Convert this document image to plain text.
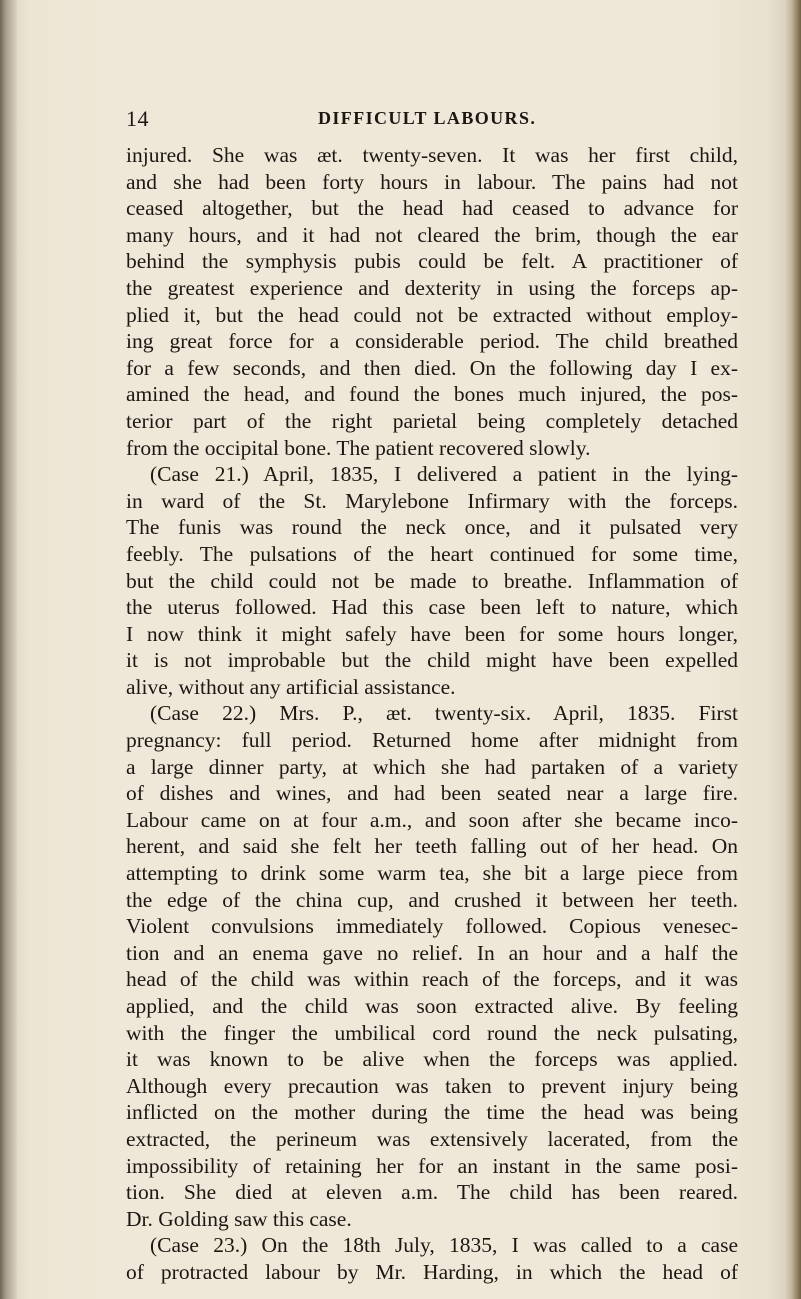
14	DIFFICULT LABOURS.
injured. She was æt. twenty-seven. It was her first child,
and she had been forty hours in labour. The pains had not
ceased altogether, but the head had ceased to advance for
many hours, and it had not cleared the brim, though the ear
behind the symphysis pubis could be felt. A practitioner of
the greatest experience and dexterity in using the forceps ap-
plied it, but the head could not be extracted without employ-
ing great force for a considerable period. The child breathed
for a few seconds, and then died. On the following day I ex-
amined the head, and found the bones much injured, the pos-
terior part of the right parietal being completely detached
from the occipital bone. The patient recovered slowly.
(Case 21.) April, 1835, I delivered a patient in the lying-
in ward of the St. Marylebone Infirmary with the forceps.
The funis was round the neck once, and it pulsated very
feebly. The pulsations of the heart continued for some time,
but the child could not be made to breathe. Inflammation of
the uterus followed. Had this case been left to nature, which
I now think it might safely have been for some hours longer,
it is not improbable but the child might have been expelled
alive, without any artificial assistance.
(Case 22.) Mrs. P., æt. twenty-six. April, 1835. First
pregnancy: full period. Returned home after midnight from
a large dinner party, at which she had partaken of a variety
of dishes and wines, and had been seated near a large fire.
Labour came on at four a.m., and soon after she became inco-
herent, and said she felt her teeth falling out of her head. On
attempting to drink some warm tea, she bit a large piece from
the edge of the china cup, and crushed it between her teeth.
Violent convulsions immediately followed. Copious venesec-
tion and an enema gave no relief. In an hour and a half the
head of the child was within reach of the forceps, and it was
applied, and the child was soon extracted alive. By feeling
with the finger the umbilical cord round the neck pulsating,
it was known to be alive when the forceps was applied.
Although every precaution was taken to prevent injury being
inflicted on the mother during the time the head was being
extracted, the perineum was extensively lacerated, from the
impossibility of retaining her for an instant in the same posi-
tion. She died at eleven a.m. The child has been reared.
Dr. Golding saw this case.
(Case 23.) On the 18th July, 1835, I was called to a case
of protracted labour by Mr. Harding, in which the head of
